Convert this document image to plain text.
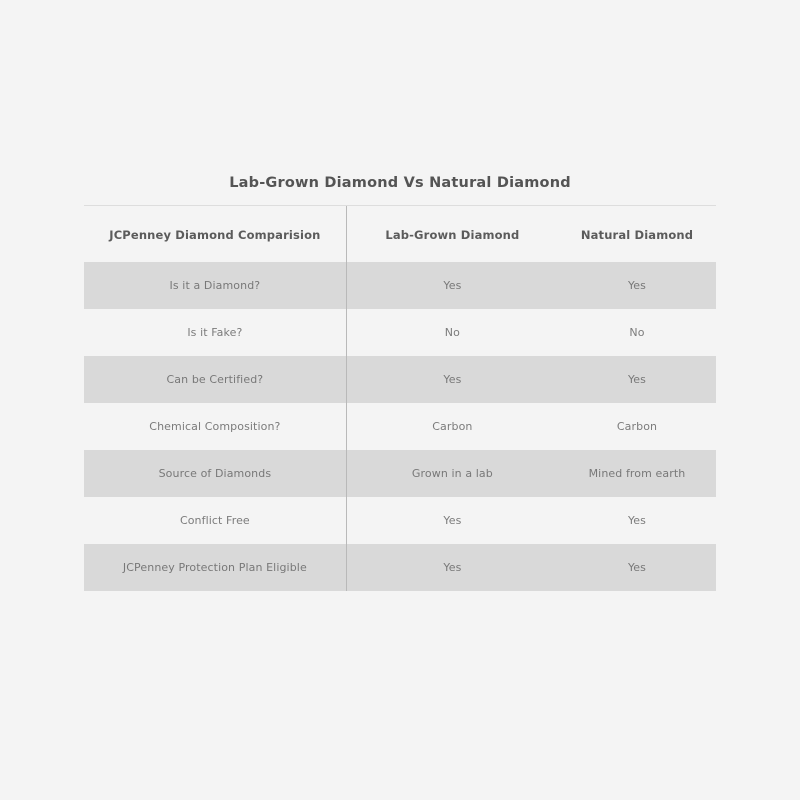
Lab-Grown Diamond Vs Natural Diamond
JCPenney Diamond Comparision	Lab-Grown Diamond	Natural Diamond
Is it a Diamond?	Yes	Yes
Is it Fake?	No	No
Can be Certified?	Yes	Yes
Chemical Composition?	Carbon	Carbon
Source of Diamonds	Grown in a lab	Mined from earth
Conflict Free	Yes	Yes
JCPenney Protection Plan Eligible	Yes	Yes
